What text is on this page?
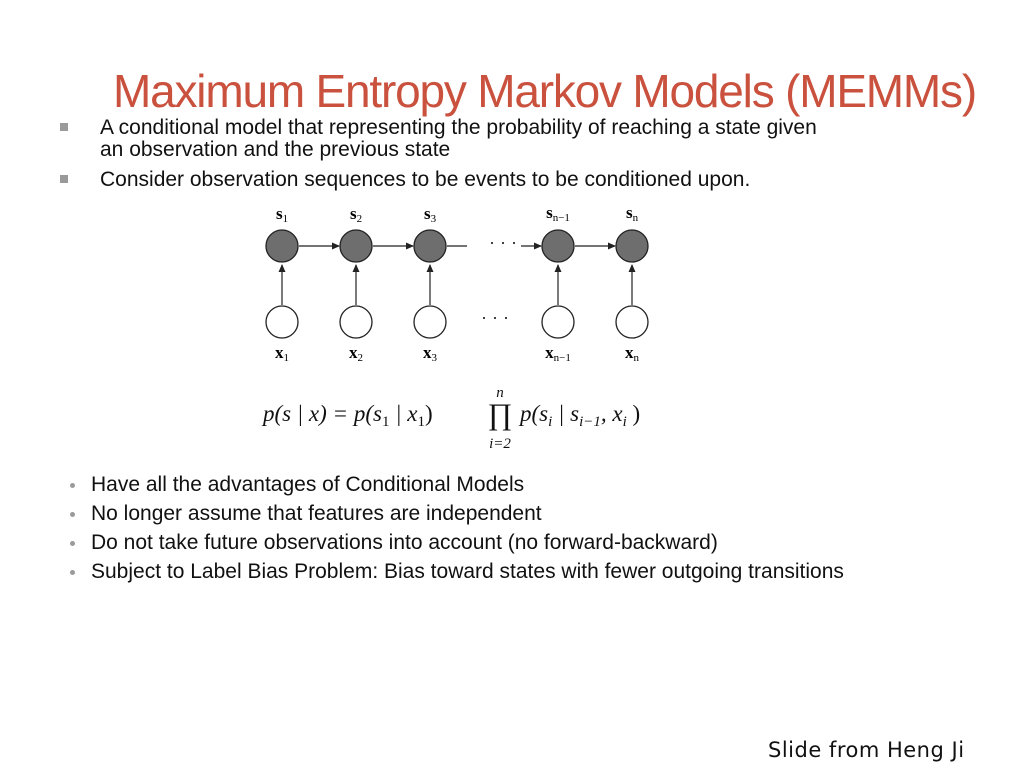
Maximum Entropy Markov Models (MEMMs)
A conditional model that representing the probability of reaching a state given
an observation and the previous state
Consider observation sequences to be events to be conditioned upon.
s1	s2	s3	sn−1	sn
· · ·
· · ·
x1	x2	x3	xn−1	xn
p(s | $x) = p(s_1$ | $x_1$)
n
∏
i=2
$p(s_i$ | $s_{i-1}$, $x_i$ )
Have all the advantages of Conditional Models
No longer assume that features are independent
Do not take future observations into account (no forward-backward)
Subject to Label Bias Problem: Bias toward states with fewer outgoing transitions
Slide from Heng Ji
